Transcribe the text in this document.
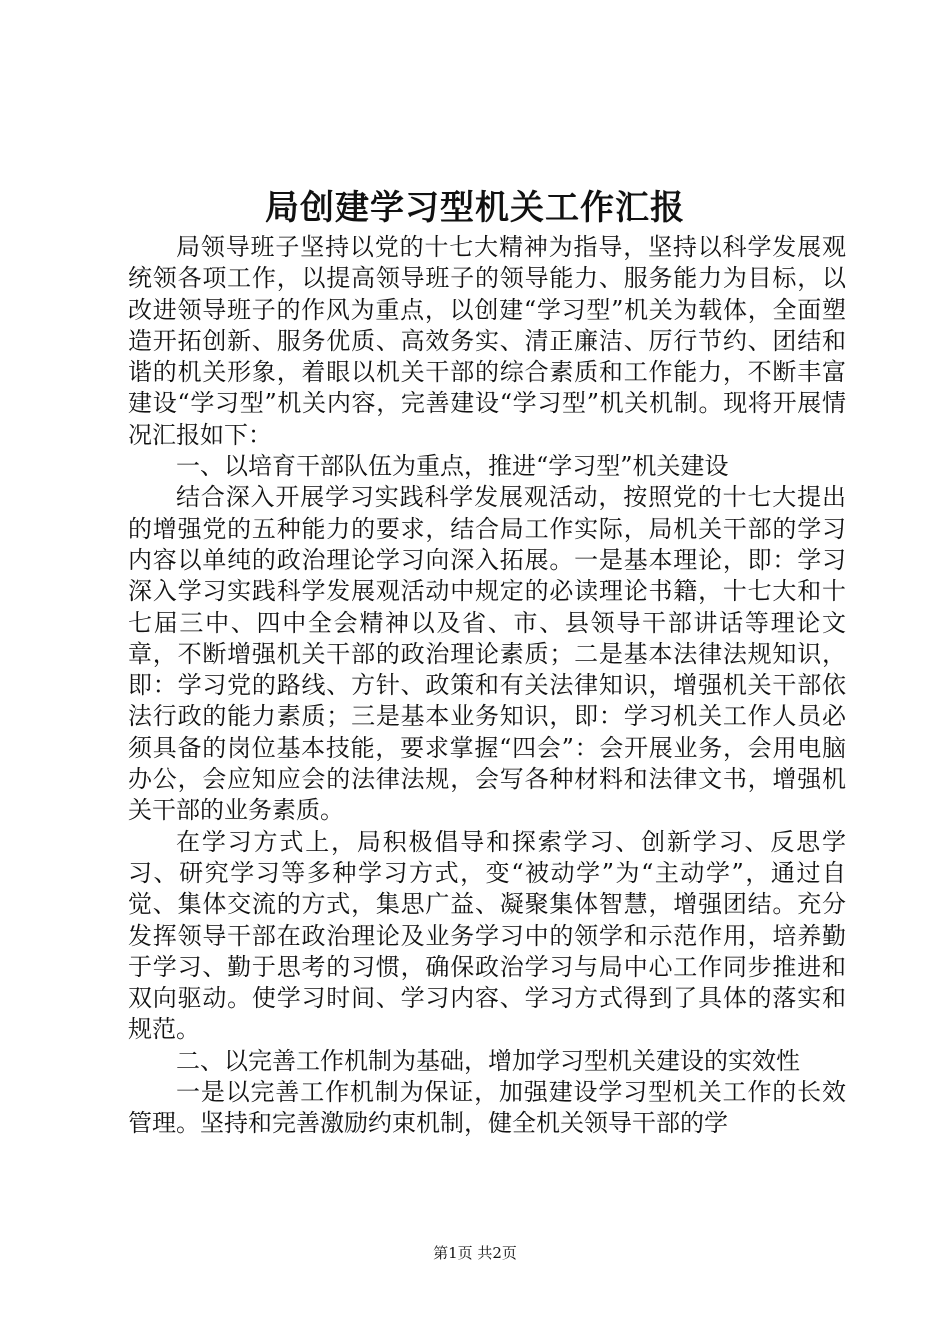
局创建学习型机关工作汇报

局领导班子坚持以党的十七大精神为指导，坚持以科学发展观统领各项工作，以提高领导班子的领导能力、服务能力为目标，以改进领导班子的作风为重点，以创建“学习型”机关为载体，全面塑造开拓创新、服务优质、高效务实、清正廉洁、厉行节约、团结和谐的机关形象，着眼以机关干部的综合素质和工作能力，不断丰富建设“学习型”机关内容，完善建设“学习型”机关机制。现将开展情况汇报如下：

一、以培育干部队伍为重点，推进“学习型”机关建设

结合深入开展学习实践科学发展观活动，按照党的十七大提出的增强党的五种能力的要求，结合局工作实际，局机关干部的学习内容以单纯的政治理论学习向深入拓展。一是基本理论，即：学习深入学习实践科学发展观活动中规定的必读理论书籍，十七大和十七届三中、四中全会精神以及省、市、县领导干部讲话等理论文章，不断增强机关干部的政治理论素质；二是基本法律法规知识，即：学习党的路线、方针、政策和有关法律知识，增强机关干部依法行政的能力素质；三是基本业务知识，即：学习机关工作人员必须具备的岗位基本技能，要求掌握“四会”：会开展业务，会用电脑办公，会应知应会的法律法规，会写各种材料和法律文书，增强机关干部的业务素质。

在学习方式上，局积极倡导和探索学习、创新学习、反思学习、研究学习等多种学习方式，变“被动学”为“主动学”，通过自觉、集体交流的方式，集思广益、凝聚集体智慧，增强团结。充分发挥领导干部在政治理论及业务学习中的领学和示范作用，培养勤于学习、勤于思考的习惯，确保政治学习与局中心工作同步推进和双向驱动。使学习时间、学习内容、学习方式得到了具体的落实和规范。

二、以完善工作机制为基础，增加学习型机关建设的实效性

一是以完善工作机制为保证，加强建设学习型机关工作的长效管理。坚持和完善激励约束机制，健全机关领导干部的学

第1页 共2页
